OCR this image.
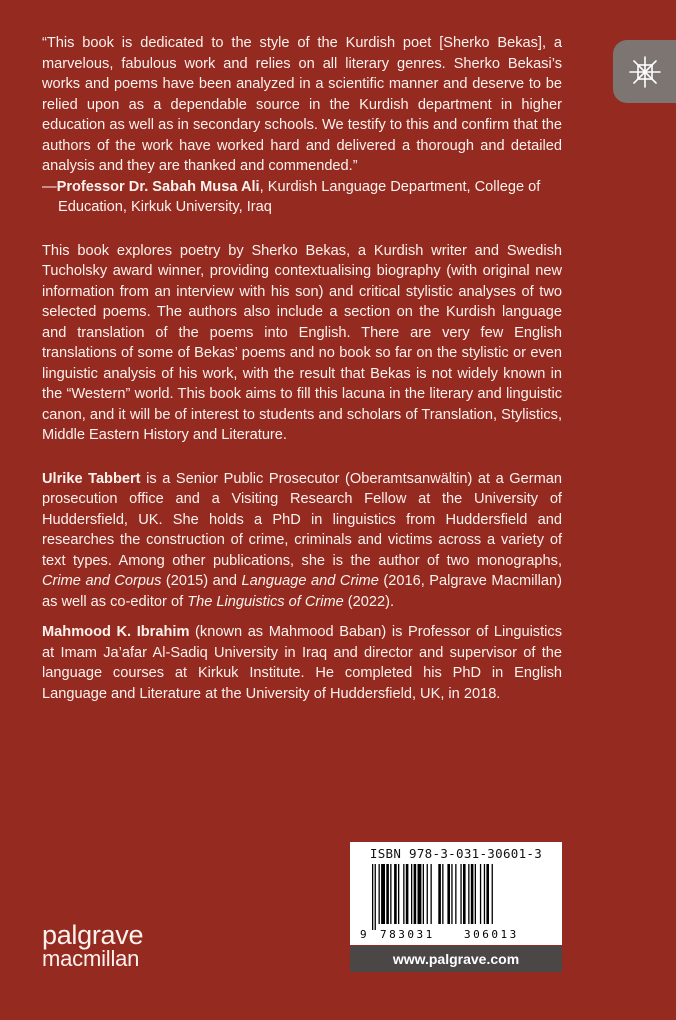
“This book is dedicated to the style of the Kurdish poet [Sherko Bekas], a marvelous, fabulous work and relies on all literary genres. Sherko Bekasi’s works and poems have been analyzed in a scientific manner and deserve to be relied upon as a dependable source in the Kurdish department in higher education as well as in secondary schools. We testify to this and confirm that the authors of the work have worked hard and delivered a thorough and detailed analysis and they are thanked and commended.”

—Professor Dr. Sabah Musa Ali, Kurdish Language Department, College of Education, Kirkuk University, Iraq

This book explores poetry by Sherko Bekas, a Kurdish writer and Swedish Tucholsky award winner, providing contextualising biography (with original new information from an interview with his son) and critical stylistic analyses of two selected poems. The authors also include a section on the Kurdish language and translation of the poems into English. There are very few English translations of some of Bekas’ poems and no book so far on the stylistic or even linguistic analysis of his work, with the result that Bekas is not widely known in the “Western” world. This book aims to fill this lacuna in the literary and linguistic canon, and it will be of interest to students and scholars of Translation, Stylistics, Middle Eastern History and Literature.

Ulrike Tabbert is a Senior Public Prosecutor (Oberamtsanwältin) at a German prosecution office and a Visiting Research Fellow at the University of Huddersfield, UK. She holds a PhD in linguistics from Huddersfield and researches the construction of crime, criminals and victims across a variety of text types. Among other publications, she is the author of two monographs, Crime and Corpus (2015) and Language and Crime (2016, Palgrave Macmillan) as well as co-editor of The Linguistics of Crime (2022).

Mahmood K. Ibrahim (known as Mahmood Baban) is Professor of Linguistics at Imam Ja’afar Al-Sadiq University in Iraq and director and supervisor of the language courses at Kirkuk Institute. He completed his PhD in English Language and Literature at the University of Huddersfield, UK, in 2018.

palgrave
macmillan
ISBN 978-3-031-30601-3
9 783031	306013
www.palgrave.com
